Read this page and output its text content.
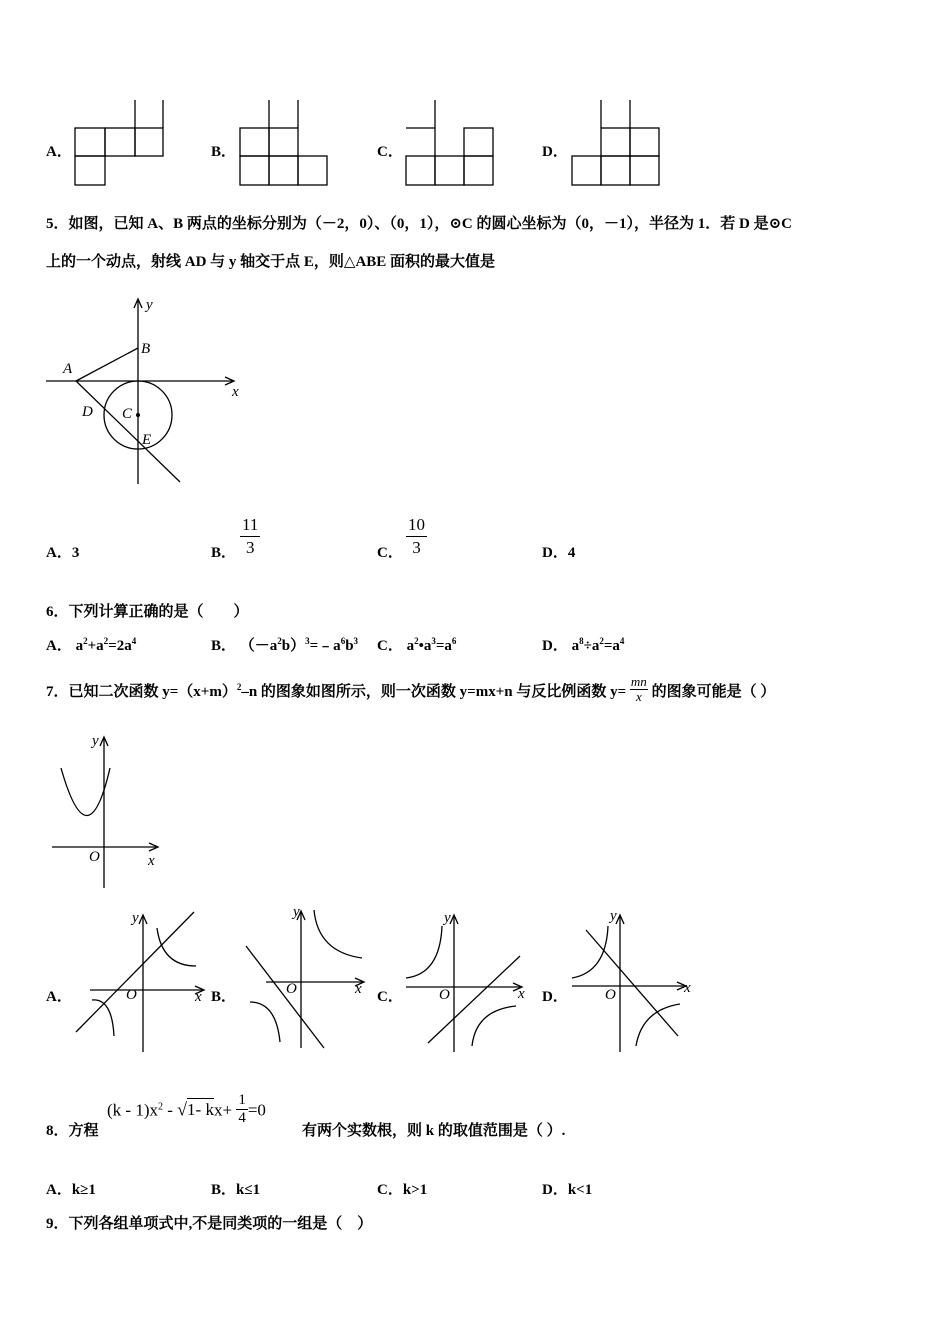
A．	B．	C．	D．
5．如图，已知 A、B 两点的坐标分别为（－2，0）、（0，1），⊙C 的圆心坐标为（0，－1），半径为 1．若 D 是⊙C
上的一个动点，射线 AD 与 y 轴交于点 E，则△ABE 面积的最大值是
y
x
A
B
C
D
E
A．3	B．
11
3	C．
10
3	D．4
6．下列计算正确的是（　　）
A． $a^2+a^2=2a^4$	B． $(-a^2b)^3=﹣a^6b^3$ C． $a^2•a^3=a^6$	D． $a^8\div a^2=a^4$
7．已知二次函数 $y=(x+m)^2-n$ 的图象如图所示，则一次函数 y=mx+n 与反比例函数 $y= \frac{mn}{x}$ 的图象可能是（ ）
y
x
O
A．
y
x
O	B．
y
x
O	C．
y
x
O	D．
y
x
O
8．方程
$(k - 1)x^2 - √1-$ $kx+ \frac{1}{4} =0$
有两个实数根，则 k 的取值范围是（ ）.
A．k≥1	B．k≤1	C．k>1	D．k<1
9．下列各组单项式中,不是同类项的一组是（　）
